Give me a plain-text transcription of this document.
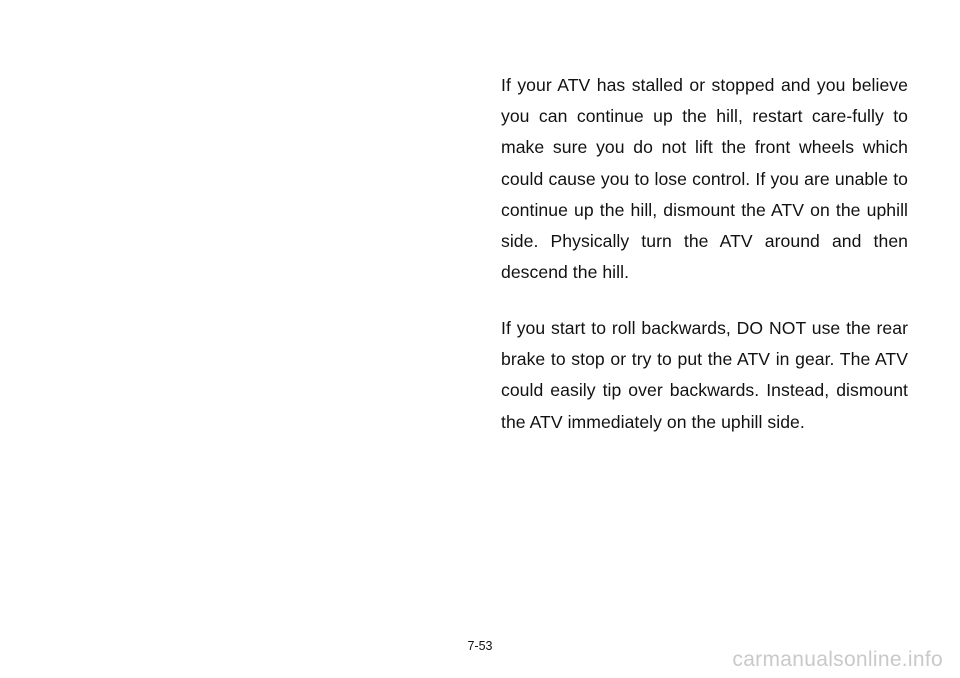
If your ATV has stalled or stopped and you believe you can continue up the hill, restart care-fully to make sure you do not lift the front wheels which could cause you to lose control. If you are unable to continue up the hill, dismount the ATV on the uphill side. Physically turn the ATV around and then descend the hill.

If you start to roll backwards, DO NOT use the rear brake to stop or try to put the ATV in gear. The ATV could easily tip over backwards. Instead, dismount the ATV immediately on the uphill side.

7-53
carmanualsonline.info
